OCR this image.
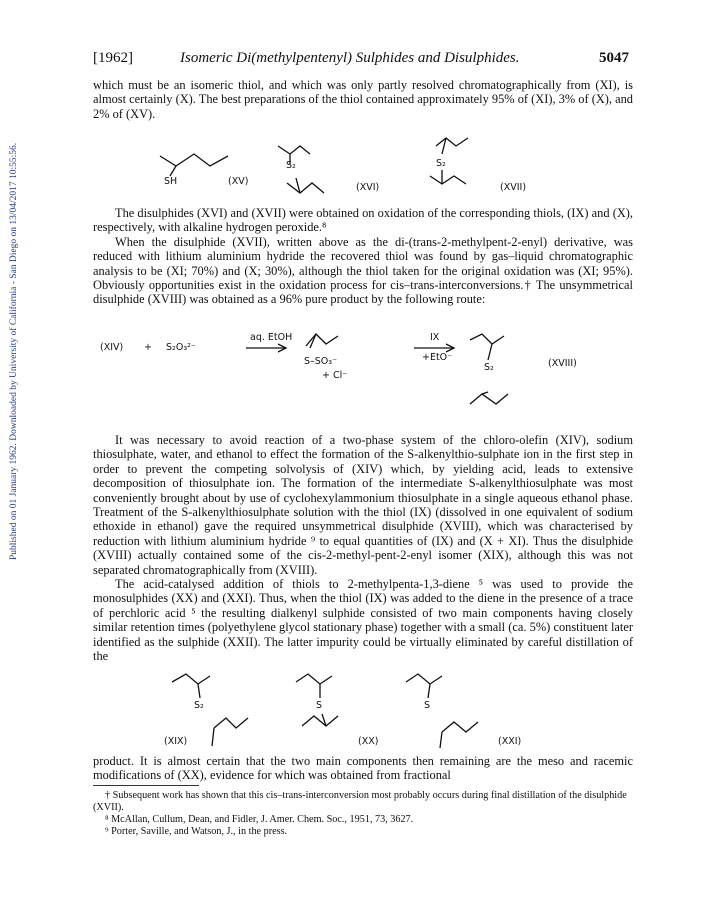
Published on 01 January 1962. Downloaded by University of California - San Diego on 13/04/2017 10:55:56.
[1962]	Isomeric Di(methylpentenyl) Sulphides and Disulphides.	5047

which must be an isomeric thiol, and which was only partly resolved chromatographically from (XI), is almost certainly (X). The best preparations of the thiol contained approximately 95% of (XI), 3% of (X), and 2% of (XV).

SH	(XV)
S₂
(XVI)
S₂
(XVII)

The disulphides (XVI) and (XVII) were obtained on oxidation of the corresponding thiols, (IX) and (X), respectively, with alkaline hydrogen peroxide.⁸

When the disulphide (XVII), written above as the di-(trans-2-methylpent-2-enyl) derivative, was reduced with lithium aluminium hydride the recovered thiol was found by gas–liquid chromatographic analysis to be (XI; 70%) and (X; 30%), although the thiol taken for the original oxidation was (XI; 95%). Obviously opportunities exist in the oxidation process for cis–trans-interconversions.† The unsymmetrical disulphide (XVIII) was obtained as a 96% pure product by the following route:

(XIV) + S₂O₃²⁻
aq. EtOH
S–SO₃⁻
+ Cl⁻
IX
+EtO⁻
S₂	(XVIII)

It was necessary to avoid reaction of a two-phase system of the chloro-olefin (XIV), sodium thiosulphate, water, and ethanol to effect the formation of the S-alkenylthio-sulphate ion in the first step in order to prevent the competing solvolysis of (XIV) which, by yielding acid, leads to extensive decomposition of thiosulphate ion. The formation of the intermediate S-alkenylthiosulphate was most conveniently brought about by use of cyclohexylammonium thiosulphate in a single aqueous ethanol phase. Treatment of the S-alkenylthiosulphate solution with the thiol (IX) (dissolved in one equivalent of sodium ethoxide in ethanol) gave the required unsymmetrical disulphide (XVIII), which was characterised by reduction with lithium aluminium hydride ⁹ to equal quantities of (IX) and (X + XI). Thus the disulphide (XVIII) actually contained some of the cis-2-methyl-pent-2-enyl isomer (XIX), although this was not separated chromatographically from (XVIII).

The acid-catalysed addition of thiols to 2-methylpenta-1,3-diene ⁵ was used to provide the monosulphides (XX) and (XXI). Thus, when the thiol (IX) was added to the diene in the presence of a trace of perchloric acid ⁵ the resulting dialkenyl sulphide consisted of two main components having closely similar retention times (polyethylene glycol stationary phase) together with a small (ca. 5%) constituent later identified as the sulphide (XXII). The latter impurity could be virtually eliminated by careful distillation of the

S₂
(XIX)
S
(XX)
S
(XXI)

product. It is almost certain that the two main components then remaining are the meso and racemic modifications of (XX), evidence for which was obtained from fractional

† Subsequent work has shown that this cis–trans-interconversion most probably occurs during final distillation of the disulphide (XVII).

⁸ McAllan, Cullum, Dean, and Fidler, J. Amer. Chem. Soc., 1951, 73, 3627.

⁹ Porter, Saville, and Watson, J., in the press.
